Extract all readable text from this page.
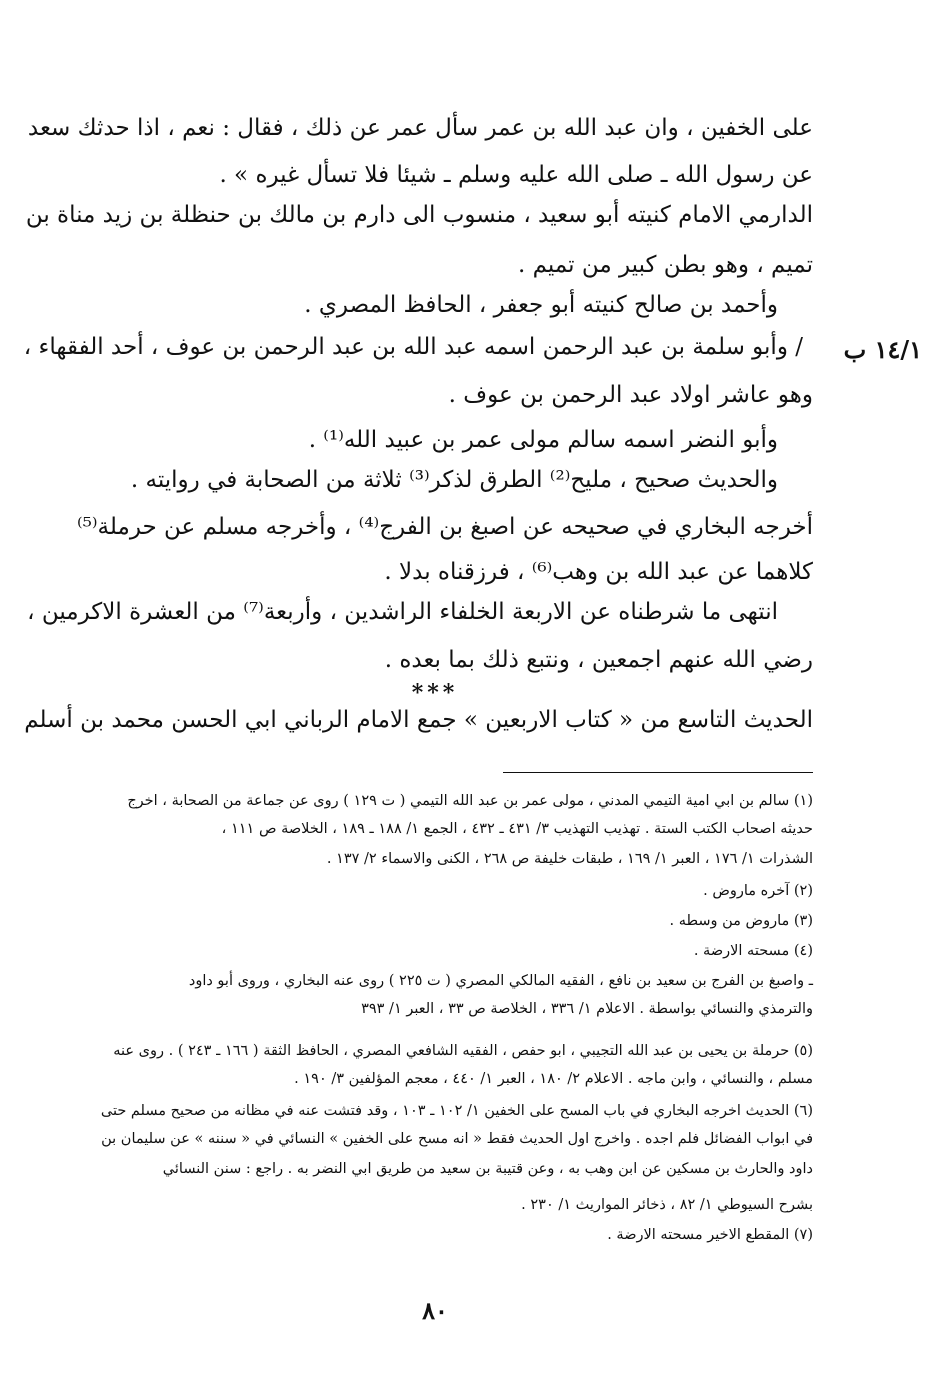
١٤/١ ب
على الخفين ، وان عبد الله بن عمر سأل عمر عن ذلك ، فقال : نعم ، اذا حدثك سعد
عن رسول الله ـ صلى الله عليه وسلم ـ شيئا فلا تسأل غيره » .
الدارمي الامام كنيته أبو سعيد ، منسوب الى دارم بن مالك بن حنظلة بن زيد مناة بن
تميم ، وهو بطن كبير من تميم .
وأحمد بن صالح كنيته أبو جعفر ، الحافظ المصري .
/ وأبو سلمة بن عبد الرحمن اسمه عبد الله بن عبد الرحمن بن عوف ، أحد الفقهاء ،
وهو عاشر اولاد عبد الرحمن بن عوف .
وأبو النضر اسمه سالم مولى عمر بن عبيد الله⁽¹⁾ .
والحديث صحيح ، مليح⁽²⁾ الطرق لذكر⁽³⁾ ثلاثة من الصحابة في روايته .
أخرجه البخاري في صحيحه عن اصبغ بن الفرج⁽⁴⁾ ، وأخرجه مسلم عن حرملة⁽⁵⁾
كلاهما عن عبد الله بن وهب⁽⁶⁾ ، فرزقناه بدلا .
انتهى ما شرطناه عن الاربعة الخلفاء الراشدين ، وأربعة⁽⁷⁾ من العشرة الاكرمين ،
رضي الله عنهم اجمعين ، ونتبع ذلك بما بعده .
***
الحديث التاسع من « كتاب الاربعين » جمع الامام الرباني ابي الحسن محمد بن أسلم
(١) سالم بن ابي امية التيمي المدني ، مولى عمر بن عبد الله التيمي ( ت ١٢٩ ) روى عن جماعة من الصحابة ، اخرج
حديثه اصحاب الكتب الستة . تهذيب التهذيب ٣/ ٤٣١ ـ ٤٣٢ ، الجمع ١/ ١٨٨ ـ ١٨٩ ، الخلاصة ص ١١١ ،
الشذرات ١/ ١٧٦ ، العبر ١/ ١٦٩ ، طبقات خليفة ص ٢٦٨ ، الكنى والاسماء ٢/ ١٣٧ .
(٢) آخره ماروض .
(٣) ماروض من وسطه .
(٤) مسحته الارضة .
ـ واصبغ بن الفرج بن سعيد بن نافع ، الفقيه المالكي المصري ( ت ٢٢٥ ) روى عنه البخاري ، وروى أبو داود
والترمذي والنسائي بواسطة . الاعلام ١/ ٣٣٦ ، الخلاصة ص ٣٣ ، العبر ١/ ٣٩٣
(٥) حرملة بن يحيى بن عبد الله التجيبي ، ابو حفص ، الفقيه الشافعي المصري ، الحافظ الثقة ( ١٦٦ ـ ٢٤٣ ) . روى عنه
مسلم ، والنسائي ، وابن ماجه . الاعلام ٢/ ١٨٠ ، العبر ١/ ٤٤٠ ، معجم المؤلفين ٣/ ١٩٠ .
(٦) الحديث اخرجه البخاري في باب المسح على الخفين ١/ ١٠٢ ـ ١٠٣ ، وقد فتشت عنه في مظانه من صحيح مسلم حتى
في ابواب الفضائل فلم اجده . واخرج اول الحديث فقط « انه مسح على الخفين » النسائي في « سننه » عن سليمان بن
داود والحارث بن مسكين عن ابن وهب به ، وعن قتيبة بن سعيد من طريق ابي النضر به . راجع : سنن النسائي
بشرح السيوطي ١/ ٨٢ ، ذخائر المواريث ١/ ٢٣٠ .
(٧) المقطع الاخير مسحته الارضة .
٨٠
